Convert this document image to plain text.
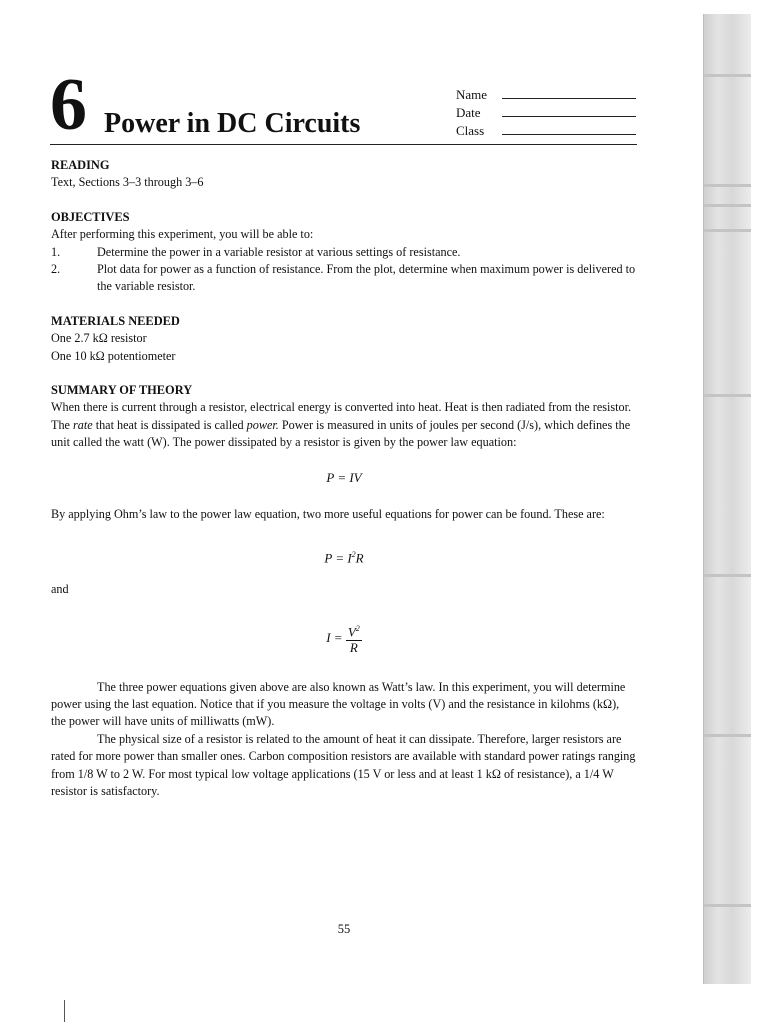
6 Power in DC Circuits
Name
Date
Class
READING

Text, Sections 3–3 through 3–6

OBJECTIVES

After performing this experiment, you will be able to:

1.	Determine the power in a variable resistor at various settings of resistance.
2.	Plot data for power as a function of resistance. From the plot, determine when maximum power is delivered to the variable resistor.
MATERIALS NEEDED

One 2.7 kΩ resistor

One 10 kΩ potentiometer

SUMMARY OF THEORY

When there is current through a resistor, electrical energy is converted into heat. Heat is then radiated from the resistor. The rate that heat is dissipated is called power. Power is measured in units of joules per second (J/s), which defines the unit called the watt (W). The power dissipated by a resistor is given by the power law equation:

P = IV

By applying Ohm’s law to the power law equation, two more useful equations for power can be found. These are:

$P = I^2R$

and

$I = \frac{V^2}{R}$

The three power equations given above are also known as Watt’s law. In this experiment, you will determine power using the last equation. Notice that if you measure the voltage in volts (V) and the resistance in kilohms (kΩ), the power will have units of milliwatts (mW).

The physical size of a resistor is related to the amount of heat it can dissipate. Therefore, larger resistors are rated for more power than smaller ones. Carbon composition resistors are available with standard power ratings ranging from 1/8 W to 2 W. For most typical low voltage applications (15 V or less and at least 1 kΩ of resistance), a 1/4 W resistor is satisfactory.

55
